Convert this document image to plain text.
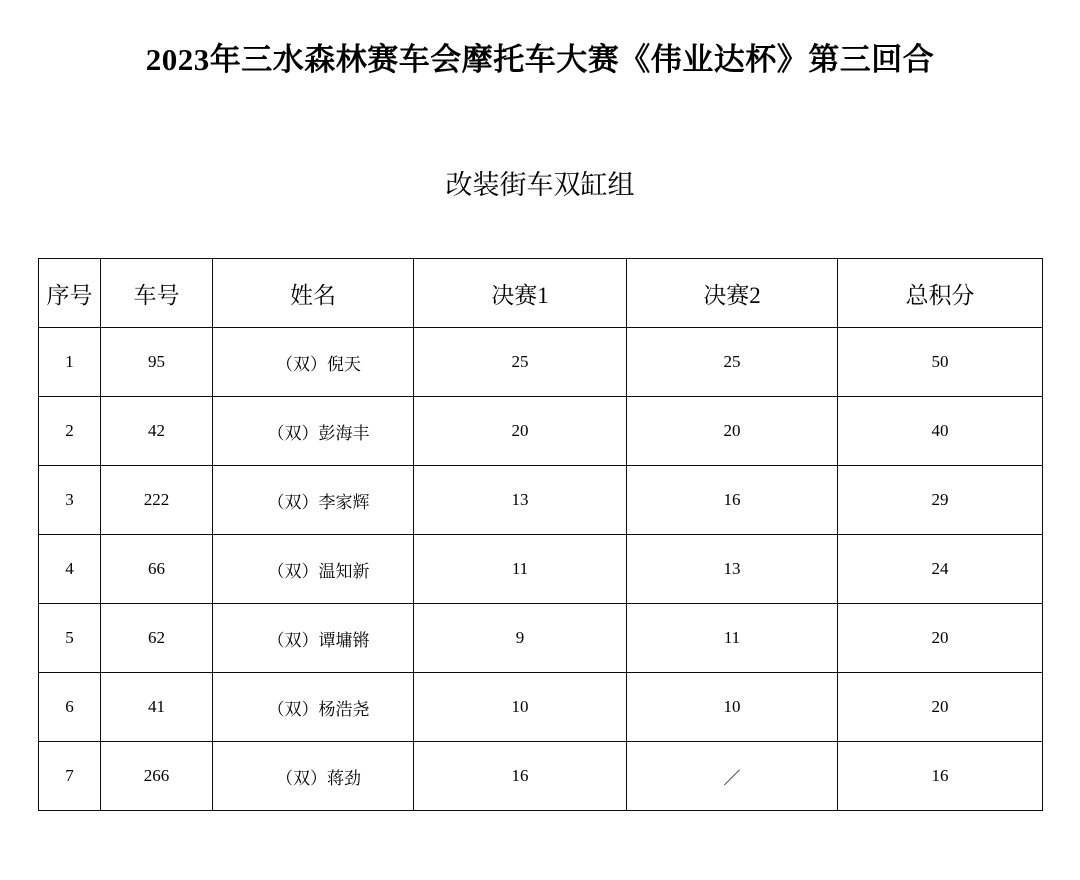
2023年三水森林赛车会摩托车大赛《伟业达杯》第三回合
改装街车双缸组
序号	车号	姓名	决赛1	决赛2	总积分
1	95	（双）倪天	25	25	50
2	42	（双）彭海丰	20	20	40
3	222	（双）李家辉	13	16	29
4	66	（双）温知新	11	13	24
5	62	（双）谭墉锵	9	11	20
6	41	（双）杨浩尧	10	10	20
7	266	（双）蒋劲	16	／	16
